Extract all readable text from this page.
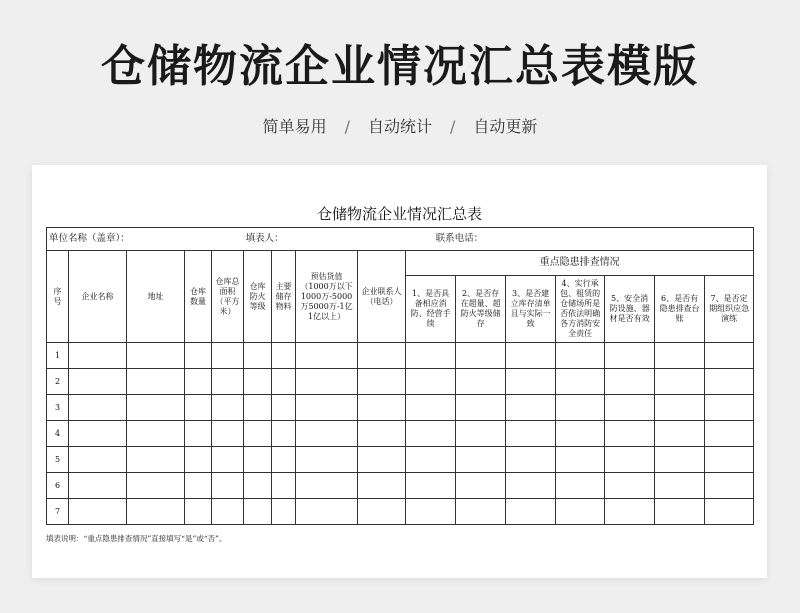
仓储物流企业情况汇总表模版
简单易用 / 自动统计 / 自动更新
仓储物流企业情况汇总表
单位名称（盖章）：					填表人：				联系电话：						
序号	企业名称	地址	仓库数量	仓库总面积（平方米）	仓库防火等级	主要储存物料	预估货值（1000万以下1000万-5000万5000万-1亿1亿以上）	企业联系人（电话）	重点隐患排查情况						
									1、是否具备相应消防、经营手续	2、是否存在超量、超防火等级储存	3、是否建立库存清单且与实际一致	4、实行承包、租赁的仓储场所是否依法明确各方消防安全责任	5、安全消防设施、器材是否有效	6、是否有隐患排查台账	7、是否定期组织应急演练
1															
2															
3															
4															
5															
6															
7															
填表说明：“重点隐患排查情况”直接填写“是”或“否”。
